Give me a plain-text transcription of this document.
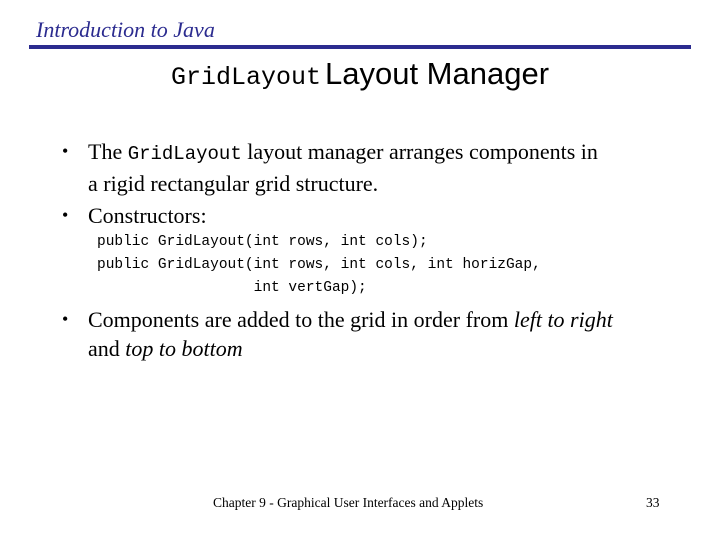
Introduction to Java
GridLayout Layout Manager
• The GridLayout layout manager arranges components in
a rigid rectangular grid structure.
• Constructors:
public GridLayout(int rows, int cols);
public GridLayout(int rows, int cols, int horizGap,
int vertGap);
• Components are added to the grid in order from left to right
and top to bottom
Chapter 9 - Graphical User Interfaces and Applets	33
